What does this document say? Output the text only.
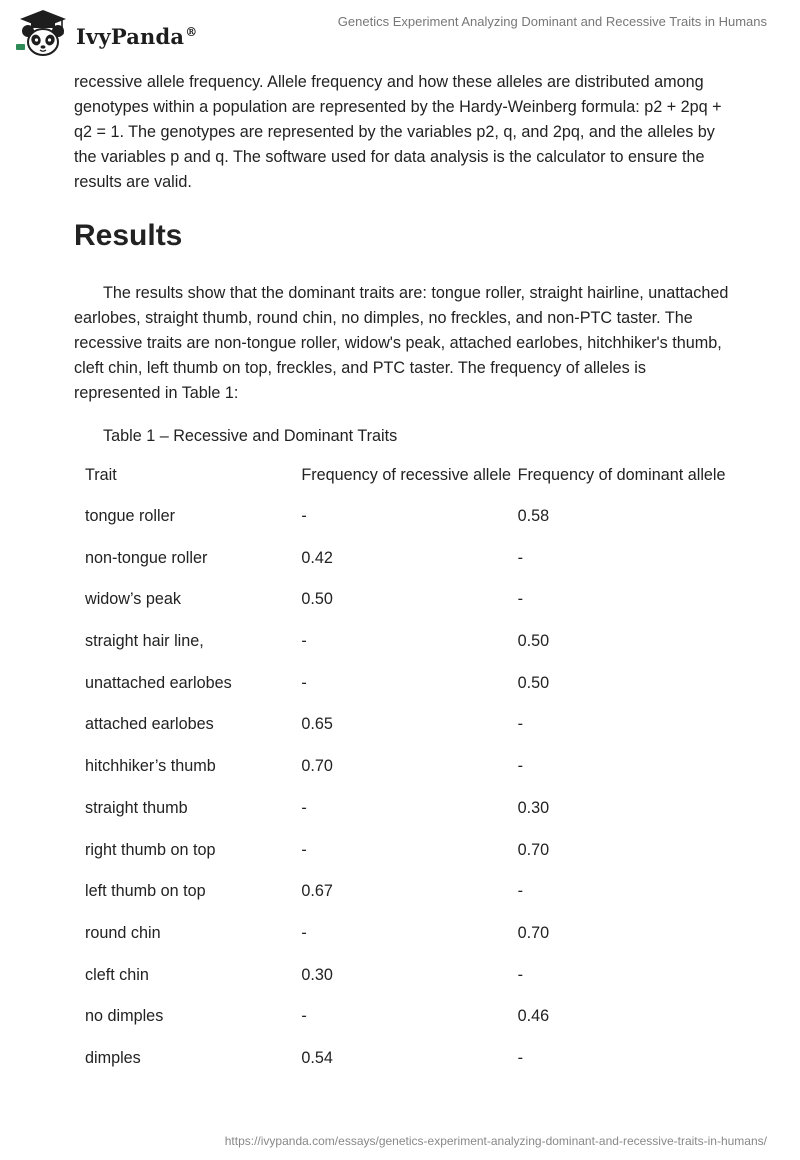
IvyPanda®
Genetics Experiment Analyzing Dominant and Recessive Traits in Humans

recessive allele frequency. Allele frequency and how these alleles are distributed among genotypes within a population are represented by the Hardy-Weinberg formula: p2 + 2pq + q2 = 1. The genotypes are represented by the variables p2, q, and 2pq, and the alleles by the variables p and q. The software used for data analysis is the calculator to ensure the results are valid.

Results

The results show that the dominant traits are: tongue roller, straight hairline, unattached earlobes, straight thumb, round chin, no dimples, no freckles, and non-PTC taster. The recessive traits are non-tongue roller, widow's peak, attached earlobes, hitchhiker's thumb, cleft chin, left thumb on top, freckles, and PTC taster. The frequency of alleles is represented in Table 1:

Table 1 – Recessive and Dominant Traits
Trait	Frequency of recessive allele	Frequency of dominant allele
tongue roller	-	0.58
non-tongue roller	0.42	-
widow’s peak	0.50	-
straight hair line,	-	0.50
unattached earlobes	-	0.50
attached earlobes	0.65	-
hitchhiker’s thumb	0.70	-
straight thumb	-	0.30
right thumb on top	-	0.70
left thumb on top	0.67	-
round chin	-	0.70
cleft chin	0.30	-
no dimples	-	0.46
dimples	0.54	-
https://ivypanda.com/essays/genetics-experiment-analyzing-dominant-and-recessive-traits-in-humans/
